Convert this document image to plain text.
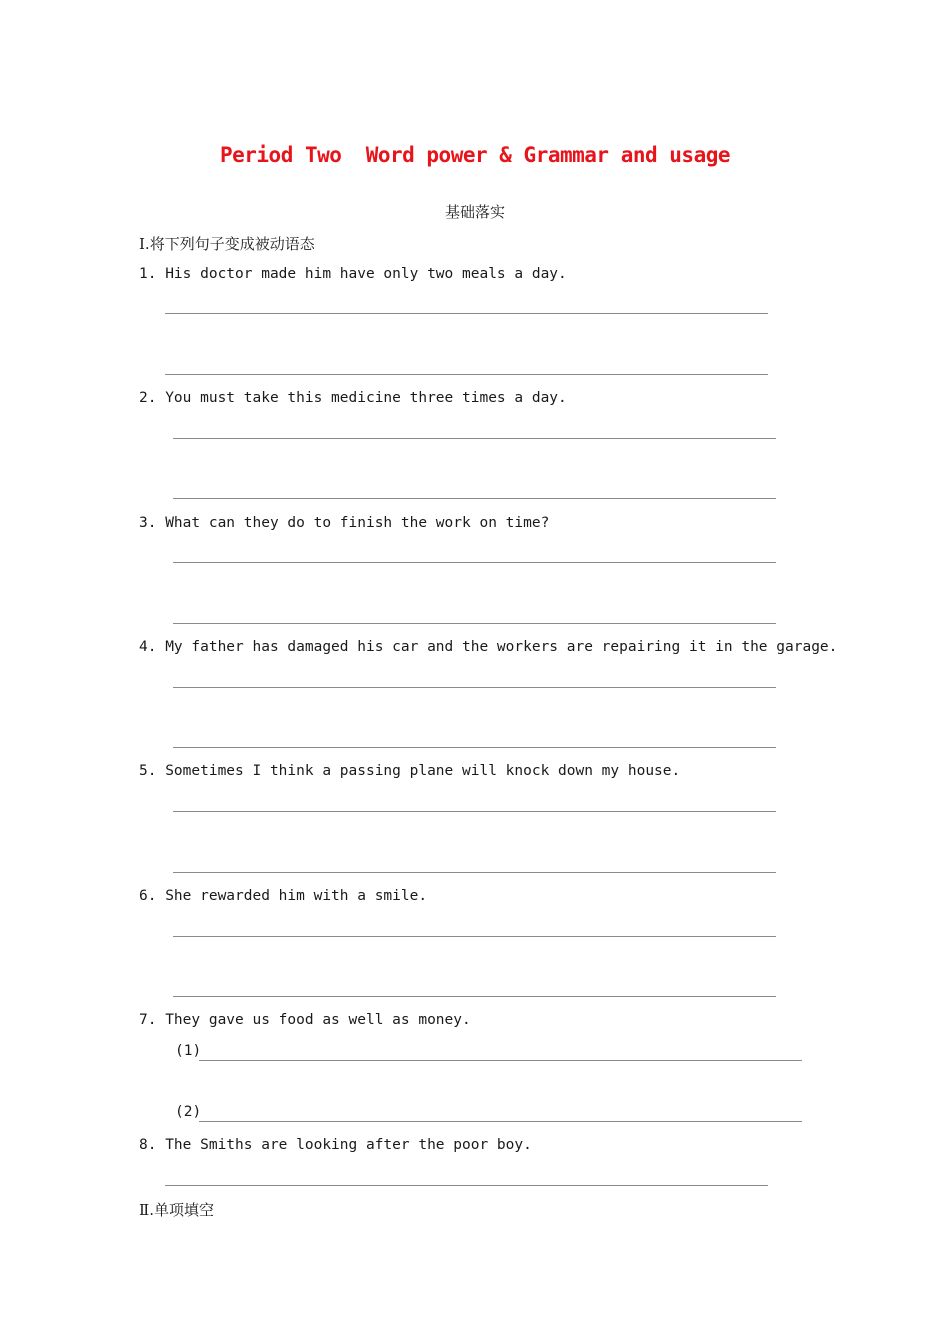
Period Two  Word power & Grammar and usage
基础落实
Ⅰ.将下列句子变成被动语态
1. His doctor made him have only two meals a day.
2. You must take this medicine three times a day.
3. What can they do to finish the work on time?
4. My father has damaged his car and the workers are repairing it in the garage.
5. Sometimes I think a passing plane will knock down my house.
6. She rewarded him with a smile.
7. They gave us food as well as money.
(1)
(2)
8. The Smiths are looking after the poor boy.
Ⅱ.单项填空
